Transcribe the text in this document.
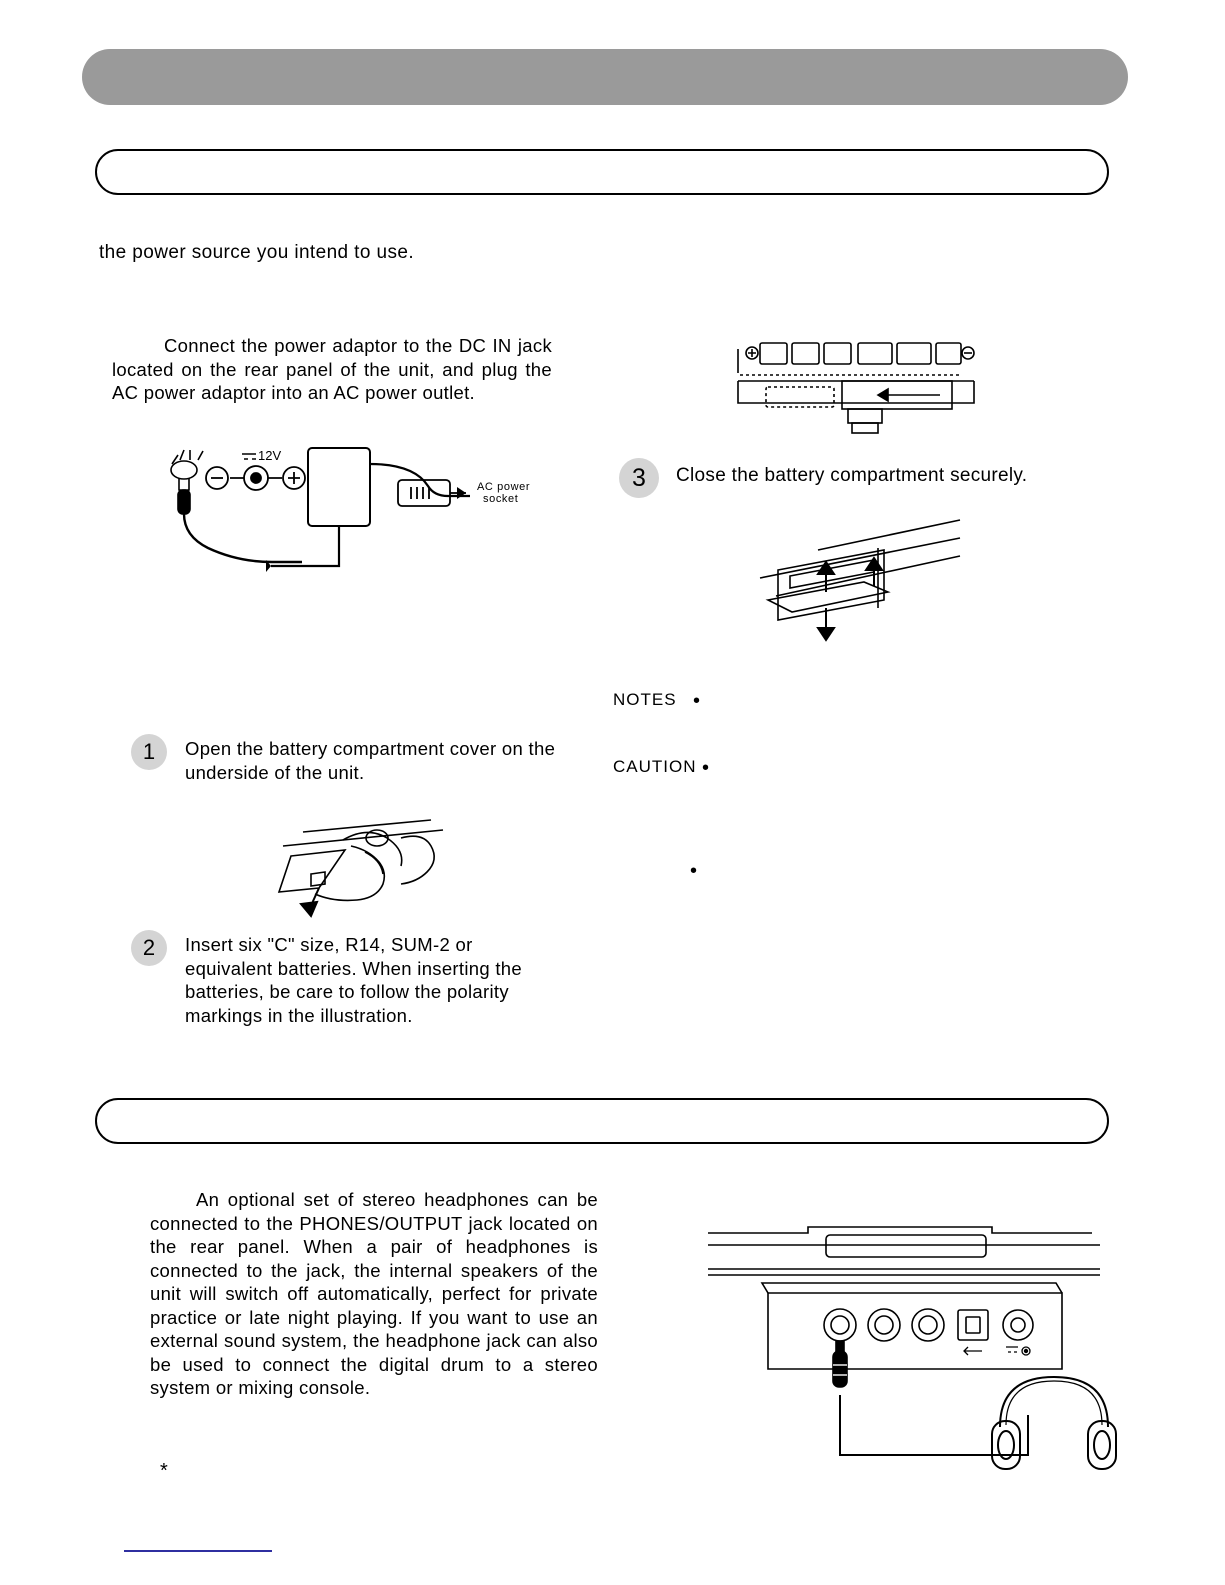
the power source you intend to use.
Connect the power adaptor to the DC IN jack located on the rear panel of the unit, and plug the AC power adaptor into an AC power outlet.
12V
AC power
socket
3	Close the battery compartment securely.
NOTES •
CAUTION •
•
1	Open the battery compartment cover on the underside of the unit.
2	Insert six "C" size, R14, SUM-2 or equivalent batteries. When inserting the batteries, be care to follow the polarity markings in the illustration.
An optional set of stereo headphones can be connected to the PHONES/OUTPUT jack located on the rear panel. When a pair of headphones is connected to the jack, the internal speakers of the unit will switch off automatically, perfect for private practice or late night playing. If you want to use an external sound system, the headphone jack can also be used to connect the digital drum to a stereo system or mixing console.
*
